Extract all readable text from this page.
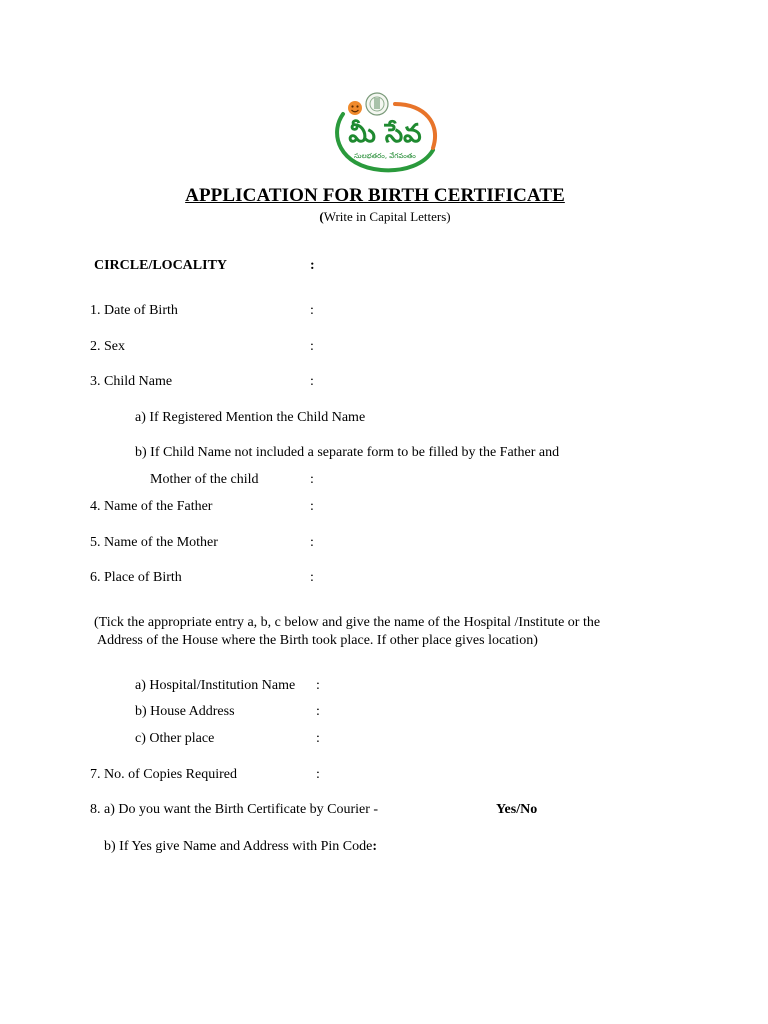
మీ సేవ
సులభతరం, వేగవంతం
APPLICATION FOR BIRTH CERTIFICATE
(Write in Capital Letters)
CIRCLE/LOCALITY	:
1. Date of Birth	:
2. Sex	:
3. Child Name	:
a) If Registered Mention the Child Name
b) If Child Name not included a separate form to be filled by the Father and
Mother of the child	:
4. Name of the Father	:
5. Name of the Mother	:
6. Place of Birth	:
(Tick the appropriate entry a, b, c below and give the name of the Hospital /Institute or the
Address of the House where the Birth took place. If other place gives location)
a) Hospital/Institution Name :
b) House Address	:
c) Other place	:
7. No. of Copies Required	:
8. a) Do you want the Birth Certificate by Courier -	Yes/No
b) If Yes give Name and Address with Pin Code:
